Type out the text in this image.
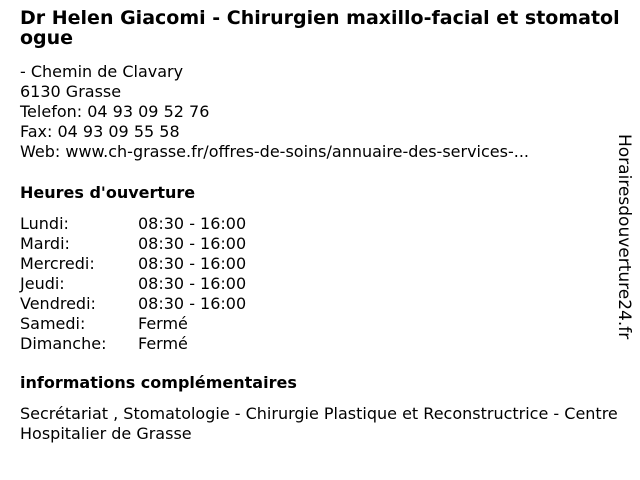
Dr Helen Giacomi - Chirurgien maxillo-facial et stomatologue
- Chemin de Clavary
6130 Grasse
Telefon: 04 93 09 52 76
Fax: 04 93 09 55 58
Web: www.ch-grasse.fr/offres-de-soins/annuaire-des-services-...
Heures d'ouverture
Lundi:	08:30 - 16:00
Mardi:	08:30 - 16:00
Mercredi:	08:30 - 16:00
Jeudi:	08:30 - 16:00
Vendredi:	08:30 - 16:00
Samedi:	Fermé
Dimanche:	Fermé
informations complémentaires
Secrétariat , Stomatologie - Chirurgie Plastique et Reconstructrice - Centre Hospitalier de Grasse
Horairesdouverture24.fr
